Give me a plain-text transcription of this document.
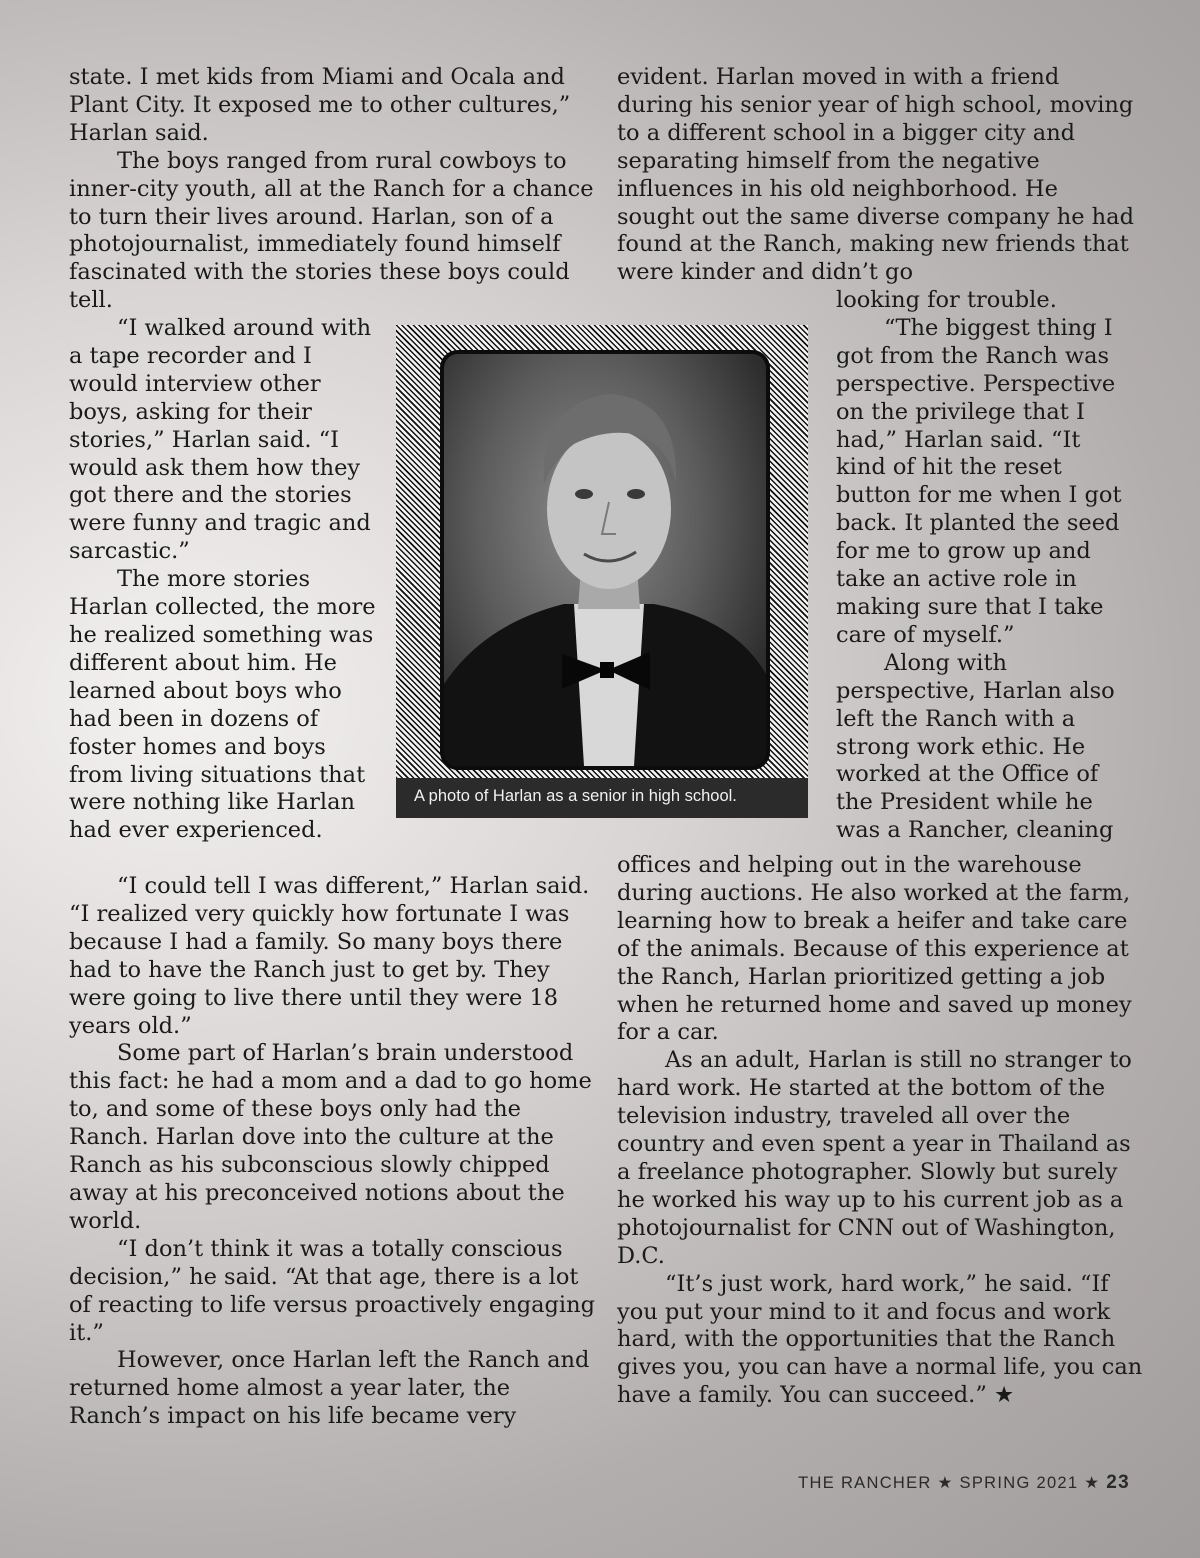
state. I met kids from Miami and Ocala and Plant City. It exposed me to other cultures,” Harlan said.

The boys ranged from rural cowboys to inner-city youth, all at the Ranch for a chance to turn their lives around. Harlan, son of a photojournalist, immediately found himself fascinated with the stories these boys could tell.

“I walked around with a tape recorder and I would interview other boys, asking for their stories,” Harlan said. “I would ask them how they got there and the stories were funny and tragic and sarcastic.”

The more stories Harlan collected, the more he realized something was different about him. He learned about boys who had been in dozens of foster homes and boys from living situations that were nothing like Harlan had ever experienced.

“I could tell I was different,” Harlan said. “I realized very quickly how fortunate I was because I had a family. So many boys there had to have the Ranch just to get by. They were going to live there until they were 18 years old.”

Some part of Harlan’s brain understood this fact: he had a mom and a dad to go home to, and some of these boys only had the Ranch. Harlan dove into the culture at the Ranch as his subconscious slowly chipped away at his preconceived notions about the world.

“I don’t think it was a totally conscious decision,” he said. “At that age, there is a lot of reacting to life versus proactively engaging it.”

However, once Harlan left the Ranch and returned home almost a year later, the Ranch’s impact on his life became very

evident. Harlan moved in with a friend during his senior year of high school, moving to a different school in a bigger city and separating himself from the negative influences in his old neighborhood. He sought out the same diverse company he had found at the Ranch, making new friends that were kinder and didn’t go

looking for trouble.

“The biggest thing I got from the Ranch was perspective. Perspective on the privilege that I had,” Harlan said. “It kind of hit the reset button for me when I got back. It planted the seed for me to grow up and take an active role in making sure that I take care of myself.”

Along with perspective, Harlan also left the Ranch with a strong work ethic. He worked at the Office of the President while he was a Rancher, cleaning

offices and helping out in the warehouse during auctions. He also worked at the farm, learning how to break a heifer and take care of the animals. Because of this experience at the Ranch, Harlan prioritized getting a job when he returned home and saved up money for a car.

As an adult, Harlan is still no stranger to hard work. He started at the bottom of the television industry, traveled all over the country and even spent a year in Thailand as a freelance photographer. Slowly but surely he worked his way up to his current job as a photojournalist for CNN out of Washington, D.C.

“It’s just work, hard work,” he said. “If you put your mind to it and focus and work hard, with the opportunities that the Ranch gives you, you can have a normal life, you can have a family. You can succeed.” ★

A photo of Harlan as a senior in high school.
THE RANCHER ★ SPRING 2021 ★ 23
